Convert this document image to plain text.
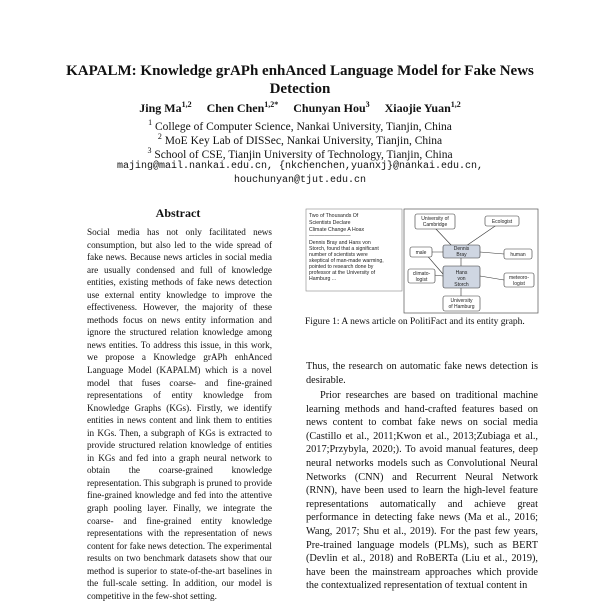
KAPALM: Knowledge grAPh enhAnced Language Model for Fake News Detection
Jing Ma$^{1,2}$ Chen Chen$^{1,2*}$ Chunyan Hou$^3$ Xiaojie Yuan$^{1,2}$
$^1$ College of Computer Science, Nankai University, Tianjin, China
$^2$ MoE Key Lab of DISSec, Nankai University, Tianjin, China
$^3$ School of CSE, Tianjin University of Technology, Tianjin, China
majing@mail.nankai.edu.cn, {nkchenchen,yuanxj}@nankai.edu.cn,
houchunyan@tjut.edu.cn
Abstract
Social media has not only facilitated news consumption, but also led to the wide spread of fake news. Because news articles in social media are usually condensed and full of knowledge entities, existing methods of fake news detection use external entity knowledge to improve the effectiveness. However, the majority of these methods focus on news entity information and ignore the structured relation knowledge among news entities. To address this issue, in this work, we propose a Knowledge grAPh enhAnced Language Model (KAPALM) which is a novel model that fuses coarse- and fine-grained representations of entity knowledge from Knowledge Graphs (KGs). Firstly, we identify entities in news content and link them to entities in KGs. Then, a subgraph of KGs is extracted to provide structured relation knowledge of entities in KGs and fed into a graph neural network to obtain the coarse-grained knowledge representation. This subgraph is pruned to provide fine-grained knowledge and fed into the attentive graph pooling layer. Finally, we integrate the coarse- and fine-grained entity knowledge representations with the representation of news content for fake news detection. The experimental results on two benchmark datasets show that our method is superior to state-of-the-art baselines in the full-scale setting. In addition, our model is competitive in the few-shot setting.
Two of Thousands Of
Scientists Declare
Climate Change A Hoax
————————
Dennis Bray and Hans von
Storch, found that a significant
number of scientists were
skeptical of man-made warming,
pointed to research done by
professor at the University of
Hamburg ...
University of
Cambridge	Ecologist
Dennis
Bray
male	human
Hans
von
Storch
climato-
logist	meteoro-
logist
University
of Hamburg
Figure 1: A news article on PolitiFact and its entity graph.
Thus, the research on automatic fake news detection is desirable.
Prior researches are based on traditional machine learning methods and hand-crafted features based on news content to combat fake news on social media (Castillo et al., 2011;Kwon et al., 2013;Zubiaga et al., 2017;Przybyla, 2020;). To avoid manual features, deep neural networks models such as Convolutional Neural Networks (CNN) and Recurrent Neural Network (RNN), have been used to learn the high-level feature representations automatically and achieve great performance in detecting fake news (Ma et al., 2016; Wang, 2017; Shu et al., 2019). For the past few years, Pre-trained language models (PLMs), such as BERT (Devlin et al., 2018) and RoBERTa (Liu et al., 2019), have been the mainstream approaches which provide the contextualized representation of textual content in
